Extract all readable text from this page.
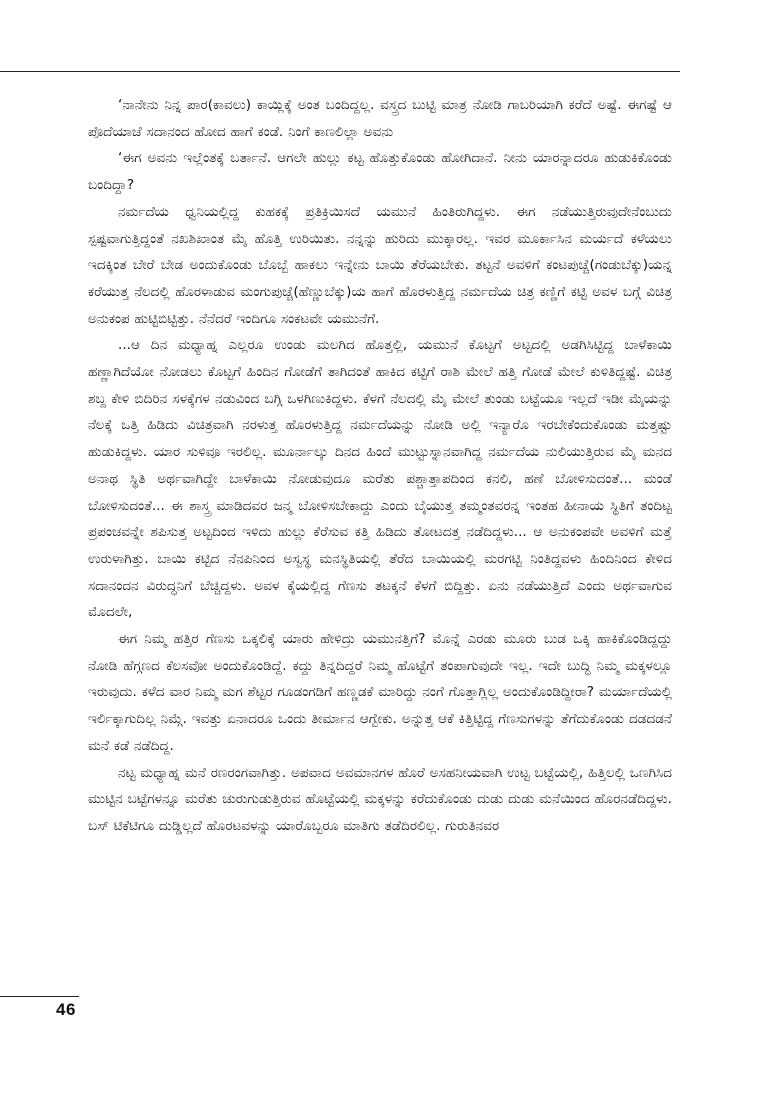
‘ನಾನೇನು ನಿನ್ನ ಪಾರ(ಕಾವಲು) ಕಾಯ್ಲಿಕ್ಕೆ ಅಂತ ಬಂದಿದ್ದಲ್ಲ. ವಸ್ತ್ರದ ಬುಟ್ಟಿ ಮಾತ್ರ ನೋಡಿ ಗಾಬರಿಯಾಗಿ ಕರೆದೆ ಅಷ್ಟೆ. ಈಗಷ್ಟೆ ಆ ಪೊದೆಯಾಚೆ ಸದಾನಂದ ಹೋದ ಹಾಗೆ ಕಂಡೆ. ನಿಂಗೆ ಕಾಣಲಿಲ್ಲಾ ಅವನು

‘ಈಗ ಅವನು ಇಲ್ಲೆಂತಕ್ಕೆ ಬರ್ತಾನೆ. ಆಗಲೇ ಹುಲ್ಲು ಕಟ್ಟ ಹೊತ್ತುಕೊಂಡು ಹೋಗಿದಾನೆ. ನೀನು ಯಾರನ್ನಾದರೂ ಹುಡುಕಿಕೊಂಡು ಬಂದಿದ್ದಾ?

ನರ್ಮದೆಯ ಧ್ವನಿಯಲ್ಲಿದ್ದ ಕುಹಕಕ್ಕೆ ಪ್ರತಿಕ್ರಿಯಿಸದೆ ಯಮುನೆ ಹಿಂತಿರುಗಿದ್ದಳು. ಈಗ ನಡೆಯುತ್ತಿರುವುದೇನೆಂಬುದು ಸ್ಪಷ್ಟವಾಗುತ್ತಿದ್ದಂತೆ ನಖಶಿಖಾಂತ ಮೈ ಹೊತ್ತಿ ಉರಿಯಿತು. ನನ್ನನ್ನು ಹುರಿದು ಮುಕ್ಕಾರಲ್ಲ. ಇವರ ಮೂರ್ಕಾಸಿನ ಮರ್ಯದೆ ಕಳೆಯಲು ಇದಕ್ಕಿಂತ ಬೇರೆ ಬೇಡ ಅಂದುಕೊಂಡು ಬೊಬ್ಬೆ ಹಾಕಲು ಇನ್ನೇನು ಬಾಯಿ ತೆರೆಯಬೇಕು. ತಟ್ಟನೆ ಅವಳಿಗೆ ಕಂಟಪುಚ್ಚೆ(ಗಂಡುಬೆಕ್ಕು)ಯನ್ನ ಕರೆಯುತ್ತ ನೆಲದಲ್ಲಿ ಹೊರಳಾಡುವ ಮಂಗುಪುಚ್ಚೆ(ಹೆಣ್ಣುಬೆಕ್ಕು)ಯ ಹಾಗೆ ಹೊರಳುತ್ತಿದ್ದ ನರ್ಮದೆಯ ಚಿತ್ರ ಕಣ್ಣಿಗೆ ಕಟ್ಟಿ ಅವಳ ಬಗ್ಗೆ ವಿಚಿತ್ರ ಅನುಕಂಪ ಹುಟ್ಟಿಬಿಟ್ಟಿತ್ತು. ನೆನೆದರೆ ಇಂದಿಗೂ ಸಂಕಟವೇ ಯಮುನೆಗೆ.

...ಆ ದಿನ ಮಧ್ಯಾಹ್ನ ಎಲ್ಲರೂ ಉಂಡು ಮಲಗಿದ ಹೊತ್ತಲ್ಲಿ, ಯಮುನೆ ಕೊಟ್ಟಗೆ ಅಟ್ಟದಲ್ಲಿ ಅಡಗಿಸಿಟ್ಟಿದ್ದ ಬಾಳೆಕಾಯಿ ಹಣ್ಣಾಗಿದೆಯೋ ನೋಡಲು ಕೊಟ್ಟಗೆ ಹಿಂದಿನ ಗೋಡೆಗೆ ತಾಗಿದಂತೆ ಹಾಕಿದ ಕಟ್ಟಿಗೆ ರಾಶಿ ಮೇಲೆ ಹತ್ತಿ ಗೋಡೆ ಮೇಲೆ ಕುಳಿತಿದ್ದಷ್ಟೆ. ವಿಚಿತ್ರ ಶಬ್ದ ಕೇಳಿ ಬಿದಿರಿನ ಸಳಕ್ಕೆಗಳ ನಡುವಿಂದ ಬಗ್ಗಿ ಒಳಗಿಣುಕಿದ್ದಳು. ಕೆಳಗೆ ನೆಲದಲ್ಲಿ ಮೈ ಮೇಲೆ ತುಂಡು ಬಟ್ಟೆಯೂ ಇಲ್ಲದೆ ಇಡೀ ಮೈಯನ್ನು ನೆಲಕ್ಕೆ ಒತ್ತಿ ಹಿಡಿದು ವಿಚಿತ್ರವಾಗಿ ನರಳುತ್ತ ಹೊರಳುತ್ತಿದ್ದ ನರ್ಮದೆಯನ್ನು ನೋಡಿ ಅಲ್ಲಿ ಇನ್ಯಾರೊ ಇರಬೇಕೆಂದುಕೊಂಡು ಮತ್ತಷ್ಟು ಹುಡುಕಿದ್ದಳು. ಯಾರ ಸುಳಿವೂ ಇರಲಿಲ್ಲ. ಮೂರ್ನಾಲ್ಕು ದಿನದ ಹಿಂದೆ ಮುಟ್ಟುಸ್ನಾನವಾಗಿದ್ದ ನರ್ಮದೆಯ ನುಲಿಯುತ್ತಿರುವ ಮೈ ಮನದ ಅನಾಥ ಸ್ಥಿತಿ ಅರ್ಥವಾಗಿದ್ದೇ ಬಾಳೆಕಾಯಿ ನೋಡುವುದೂ ಮರೆತು ಪಶ್ಚಾತ್ತಾಪದಿಂದ ಕನಲಿ, ಹಣೆ ಬೋಳಿಸುದಂತೆ... ಮಂಡೆ ಬೋಳಿಸುದಂತೆ... ಈ ಶಾಸ್ತ್ರ ಮಾಡಿದವರ ಜನ್ಮ ಬೋಳಿಸಬೇಕಾದ್ದು ಎಂದು ಬೈಯುತ್ತ ತಮ್ಮಂತವರನ್ನ ಇಂತಹ ಹೀನಾಯ ಸ್ಥಿತಿಗೆ ತಂದಿಟ್ಟ ಪ್ರಪಂಚವನ್ನೇ ಶಪಿಸುತ್ತ ಅಟ್ಟದಿಂದ ಇಳಿದು ಹುಲ್ಲು ಕೆರೆಸುವ ಕತ್ತಿ ಹಿಡಿದು ತೋಟದತ್ತ ನಡೆದಿದ್ದಳು... ಆ ಅನುಕಂಪವೇ ಅವಳಿಗೆ ಮತ್ತೆ ಉರುಳಾಗಿತ್ತು. ಬಾಯಿ ಕಟ್ಟಿದ ನೆನಪಿನಿಂದ ಅಸ್ವಸ್ಥ ಮನಸ್ಥಿತಿಯಲ್ಲಿ ತೆರೆದ ಬಾಯಿಯಲ್ಲಿ ಮರಗಟ್ಟಿ ನಿಂತಿದ್ದವಳು ಹಿಂದಿನಿಂದ ಕೇಳಿದ ಸದಾನಂದನ ವಿರುದ್ಧನಿಗೆ ಬೆಚ್ಚಿದ್ದಳು. ಅವಳ ಕೈಯಲ್ಲಿದ್ದ ಗೆಣಸು ತಟಕ್ಕನೆ ಕೆಳಗೆ ಬಿದ್ದಿತ್ತು. ಏನು ನಡೆಯುತ್ತಿದೆ ಎಂದು ಅರ್ಥವಾಗುವ ಮೊದಲೇ,

ಈಗ ನಿಮ್ಮ ಹತ್ತಿರ ಗೆಣಸು ಒಕ್ಕಲಿಕ್ಕೆ ಯಾರು ಹೇಳಿದ್ರು ಯಮುನತ್ತಿಗೆ? ಮೊನ್ನೆ ಎರಡು ಮೂರು ಬುಡ ಒಕ್ಕಿ ಹಾಕಿಕೊಂಡಿದ್ದದ್ದು ನೋಡಿ ಹೆಗ್ಗಣದ ಕೆಲಸವೋ ಅಂದುಕೊಂಡಿದ್ದೆ. ಕದ್ದು ತಿನ್ನದಿದ್ದರೆ ನಿಮ್ಮ ಹೊಟ್ಟೆಗೆ ತಂಪಾಗುವುದೇ ಇಲ್ಲ. ಇದೇ ಬುದ್ಧಿ ನಿಮ್ಮ ಮಕ್ಕಳಲ್ಲೂ ಇರುವುದು. ಕಳೆದ ವಾರ ನಿಮ್ಮ ಮಗ ಶೆಟ್ಟರ ಗೂಡಂಗಡಿಗೆ ಹಣ್ಣಡಕೆ ಮಾರಿದ್ದು ನಂಗೆ ಗೊತ್ತಾಗ್ಲಿಲ್ಲ ಅಂದುಕೊಂಡಿದ್ದೀರಾ? ಮರ್ಯಾದೆಯಲ್ಲಿ ಇರ್ಲಿಕ್ಕಾಗುದಿಲ್ಲ ನಿಮ್ಗೆ. ಇವತ್ತು ಏನಾದರೂ ಒಂದು ತೀರ್ಮಾನ ಆಗ್ಬೇಕು. ಅನ್ನುತ್ತ ಆಕೆ ಕಿತ್ತಿಟ್ಟಿದ್ದ ಗೆಣಸುಗಳನ್ನು ತೆಗೆದುಕೊಂಡು ದಡದಡನೆ ಮನೆ ಕಡೆ ನಡೆದಿದ್ದ.

ನಟ್ಟ ಮಧ್ಯಾಹ್ನ ಮನೆ ರಣರಂಗವಾಗಿತ್ತು. ಅಪವಾದ ಅವಮಾನಗಳ ಹೊರೆ ಅಸಹನೀಯವಾಗಿ ಉಟ್ಟ ಬಟ್ಟೆಯಲ್ಲಿ, ಹಿತ್ತಿಲಲ್ಲಿ ಒಣಗಿಸಿದ ಮುಟ್ಟಿನ ಬಟ್ಟೆಗಳನ್ನೂ ಮರೆತು ಚುರುಗುಡುತ್ತಿರುವ ಹೊಟ್ಟೆಯಲ್ಲಿ ಮಕ್ಕಳನ್ನು ಕರೆದುಕೊಂಡು ದುಡು ದುಡು ಮನೆಯಿಂದ ಹೊರನಡೆದಿದ್ದಳು. ಬಸ್ ಟಿಕೆಟಿಗೂ ದುಡ್ಡಿಲ್ಲದೆ ಹೊರಟವಳನ್ನು ಯಾರೊಬ್ಬರೂ ಮಾತಿಗು ತಡೆದಿರಲಿಲ್ಲ. ಗುರುತಿನವರ

46
